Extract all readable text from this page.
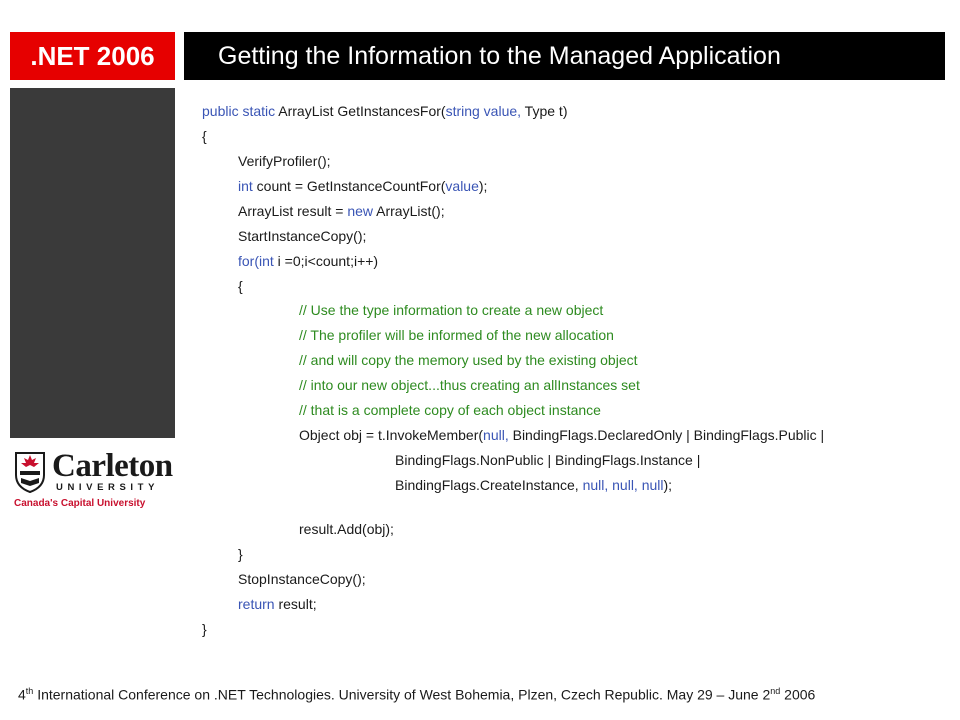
.NET 2006	Getting the Information to the Managed Application
Carleton
UNIVERSITY
Canada's Capital University
public static ArrayList GetInstancesFor(string value, Type t)
{
VerifyProfiler();
int count = GetInstanceCountFor(value);
ArrayList result = new ArrayList();
StartInstanceCopy();
for(int i =0;i<count;i++)
{
// Use the type information to create a new object
// The profiler will be informed of the new allocation
// and will copy the memory used by the existing object
// into our new object...thus creating an allInstances set
// that is a complete copy of each object instance
Object obj = t.InvokeMember(null, BindingFlags.DeclaredOnly | BindingFlags.Public |
BindingFlags.NonPublic | BindingFlags.Instance |
BindingFlags.CreateInstance, null, null, null);
result.Add(obj);
}
StopInstanceCopy();
return result;
}
4th International Conference on .NET Technologies. University of West Bohemia, Plzen, Czech Republic. May 29 – June 2nd 2006
